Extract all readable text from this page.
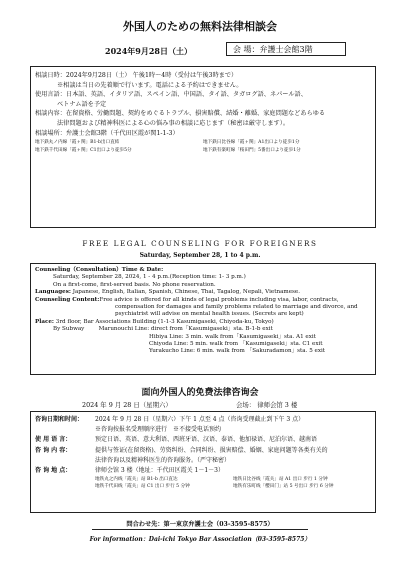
外国人のための無料法律相談会
2024年9月28日（土）	会 場：弁護士会館3階

相談日時：2024年9月28日（土） 午後1時〜4時（受付は午後3時まで）

※相談は当日の先着順で行います。電話による予約はできません。

使用言語：日本語、英語、イタリア語、スペイン語、中国語、タイ語、タガログ語、ネパール語、

ベトナム語を予定

相談内容：在留資格、労働問題、契約をめぐるトラブル、損害賠償、結婚・離婚、家庭問題などあらゆる

法律問題および精神科医による心の悩み事の相談に応じます（秘密は厳守します）。

相談場所：弁護士会館3階（千代田区霞が関1-1-3）

地下鉄丸ノ内線「霞ヶ関」B1-b出口直結	地下鉄日比谷線「霞ヶ関」A1出口より徒歩1分
地下鉄千代田線「霞ヶ関」C1出口より徒歩5分	地下鉄有楽町線「桜田門」5番出口より徒歩1分
FREE LEGAL COUNSELING FOR FOREIGNERS
Saturday, September 28, 1 to 4 p.m.

Counseling（Consultation）Time & Date:

Saturday, September 28, 2024, 1 - 4 p.m.(Reception time: 1- 3 p.m.)

On a first-come, first-served basis. No phone reservation.

Languages: Japanese, English, Italian, Spanish, Chinese, Thai, Tagalog, Nepali, Vietnamese.

Counseling Content:Free advice is offered for all kinds of legal problems including visa, labor, contracts,

compensation for damages and family problems related to marriage and divorce, and

psychiatrist will advise on mental health issues. (Secrets are kept)

Place: 3rd floor, Bar Associations Building (1-1-3 Kasumigaseki, Chiyoda-ku, Tokyo)

By Subway	Marunouchi Line: direct from「Kasumigaseki」sta. B-1-b exit

Hibiya Line: 3 min. walk from「Kasumigaseki」sta. A1 exit

Chiyoda Line: 5 min. walk from 「Kasumigaseki」sta. C1 exit

Yurakucho Line: 6 min. walk from 「Sakuradamon」sta. 5 exit

面向外国人的免费法律咨询会
2024 年 9 月 28 日（星期六）	会场： 律师会馆 3 楼

咨询日期和时间： 2024 年 9 月 28 日（星期六）下午 1 点至 4 点（咨询受理截止到下午 3 点）

※咨询按报名受理顺序进行　※不接受电话预约

使 用 语 言：	预定日语、英语、意大利语、西班牙语、汉语、泰语、他加禄语、尼泊尔语、越南语

咨 询 内 容：	提供与签证(在留资格)、劳资纠纷、合同纠纷、损害赔偿、婚姻、家庭问题等各类有关的

法律咨询以及精神科医生的咨询服务。（严守秘密）

咨 询 地 点：	律师会馆 3 楼（地址：千代田区霞关 1－1－3）

地铁丸之内线「霞关」站 B1-b 出口直达	地铁日比谷线「霞关」站 A1 出口 步行 1 分钟
地铁千代田线「霞关」站 C1 出口 步行 5 分钟	地铁有乐町线「樱田门」站 5 号出口 步行 6 分钟
問合わせ先：第一東京弁護士会（03-3595-8575）
For information：Dai-ichi Tokyo Bar Association（03-3595-8575）
